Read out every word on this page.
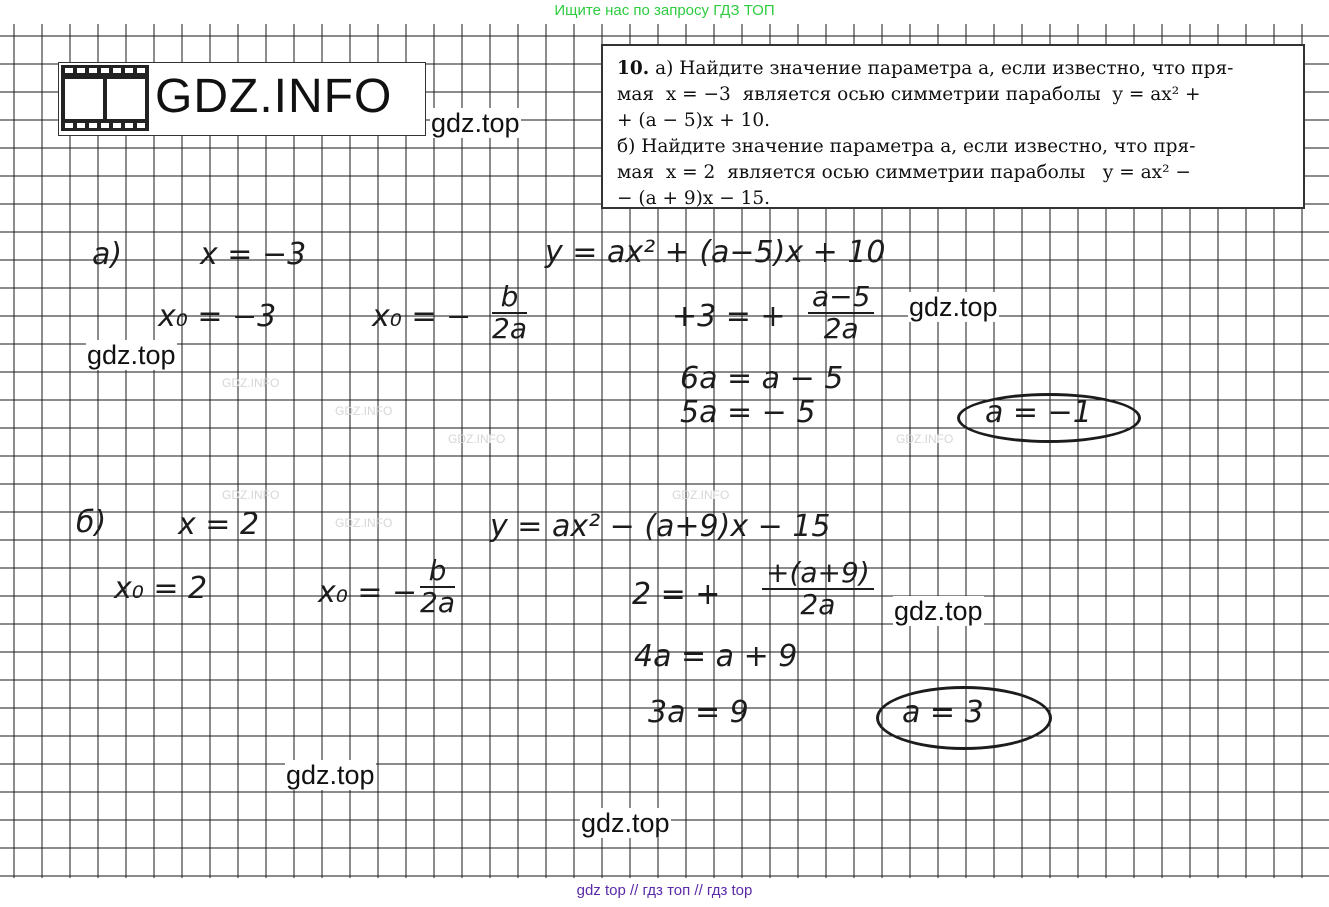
Ищите нас по запросу ГДЗ ТОП
GDZ.INFO
GDZ.INFO
GDZ.INFO	GDZ.INFO
GDZ.INFO	GDZ.INFO
GDZ.INFO
GDZ.INFO
10. а) Найдите значение параметра a, если известно, что пря-
мая  x = −3  является осью симметрии параболы  y = ax² +
+ (a − 5)x + 10.
б) Найдите значение параметра a, если известно, что пря-
мая  x = 2  является осью симметрии параболы   y = ax² −
− (a + 9)x − 15.
gdz.top
gdz.top
gdz.top
gdz.top
gdz.top
gdz.top
а)	x = −3	y = ax² + (a−5)x + 10
x₀ = −3	x₀ = −
b
2a	+3 = +
a−5
2a
6a = a − 5
5a = − 5	a = −1
б) x = 2	y = ax² − (a+9)x − 15
x₀ = 2	x₀ = −
b
2a	2 = +
+(a+9)
2a
4a = a + 9
3a = 9	a = 3
gdz top // гдз топ // гдз top
